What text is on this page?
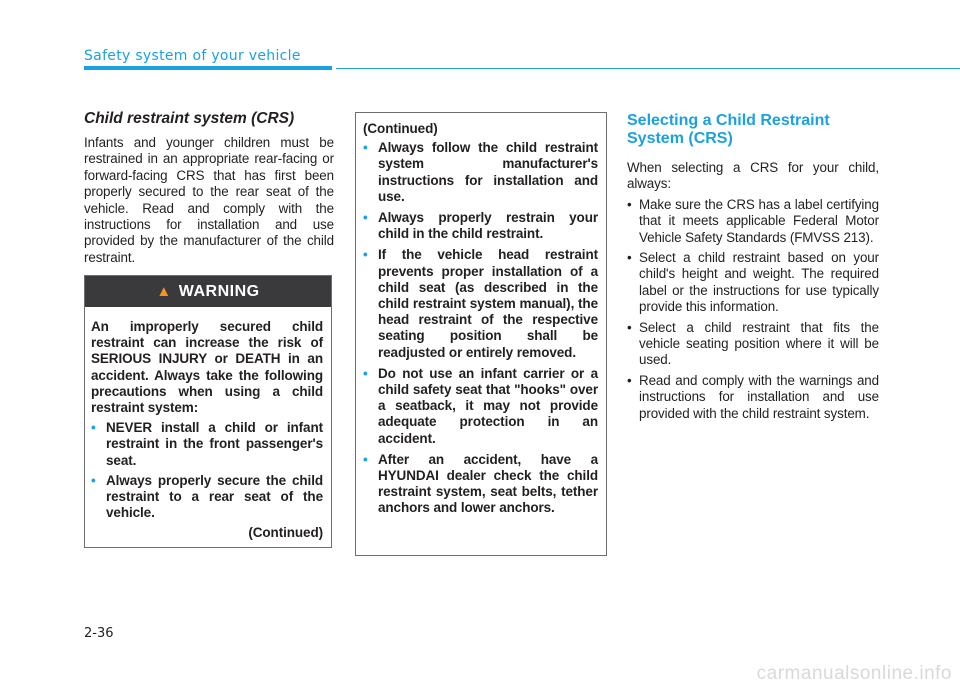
Safety system of your vehicle

Child restraint system (CRS)

Infants and younger children must be restrained in an appropriate rear-facing or forward-facing CRS that has first been properly secured to the rear seat of the vehicle. Read and comply with the instructions for installation and use provided by the manufacturer of the child restraint.

▲ WARNING
An improperly secured child restraint can increase the risk of SERIOUS INJURY or DEATH in an accident. Always take the following precautions when using a child restraint system:
• NEVER install a child or infant restraint in the front passenger's seat.
• Always properly secure the child restraint to a rear seat of the vehicle.
(Continued)
(Continued)
• Always follow the child restraint system manufacturer's instructions for installation and use.
• Always properly restrain your child in the child restraint.
• If the vehicle head restraint prevents proper installation of a child seat (as described in the child restraint system manual), the head restraint of the respective seating position shall be readjusted or entirely removed.
• Do not use an infant carrier or a child safety seat that "hooks" over a seatback, it may not provide adequate protection in an accident.
• After an accident, have a HYUNDAI dealer check the child restraint system, seat belts, tether anchors and lower anchors.
Selecting a Child Restraint System (CRS)

When selecting a CRS for your child, always:

• Make sure the CRS has a label certifying that it meets applicable Federal Motor Vehicle Safety Standards (FMVSS 213).
• Select a child restraint based on your child's height and weight. The required label or the instructions for use typically provide this information.
• Select a child restraint that fits the vehicle seating position where it will be used.
• Read and comply with the warnings and instructions for installation and use provided with the child restraint system.
2-36
carmanualsonline.info
